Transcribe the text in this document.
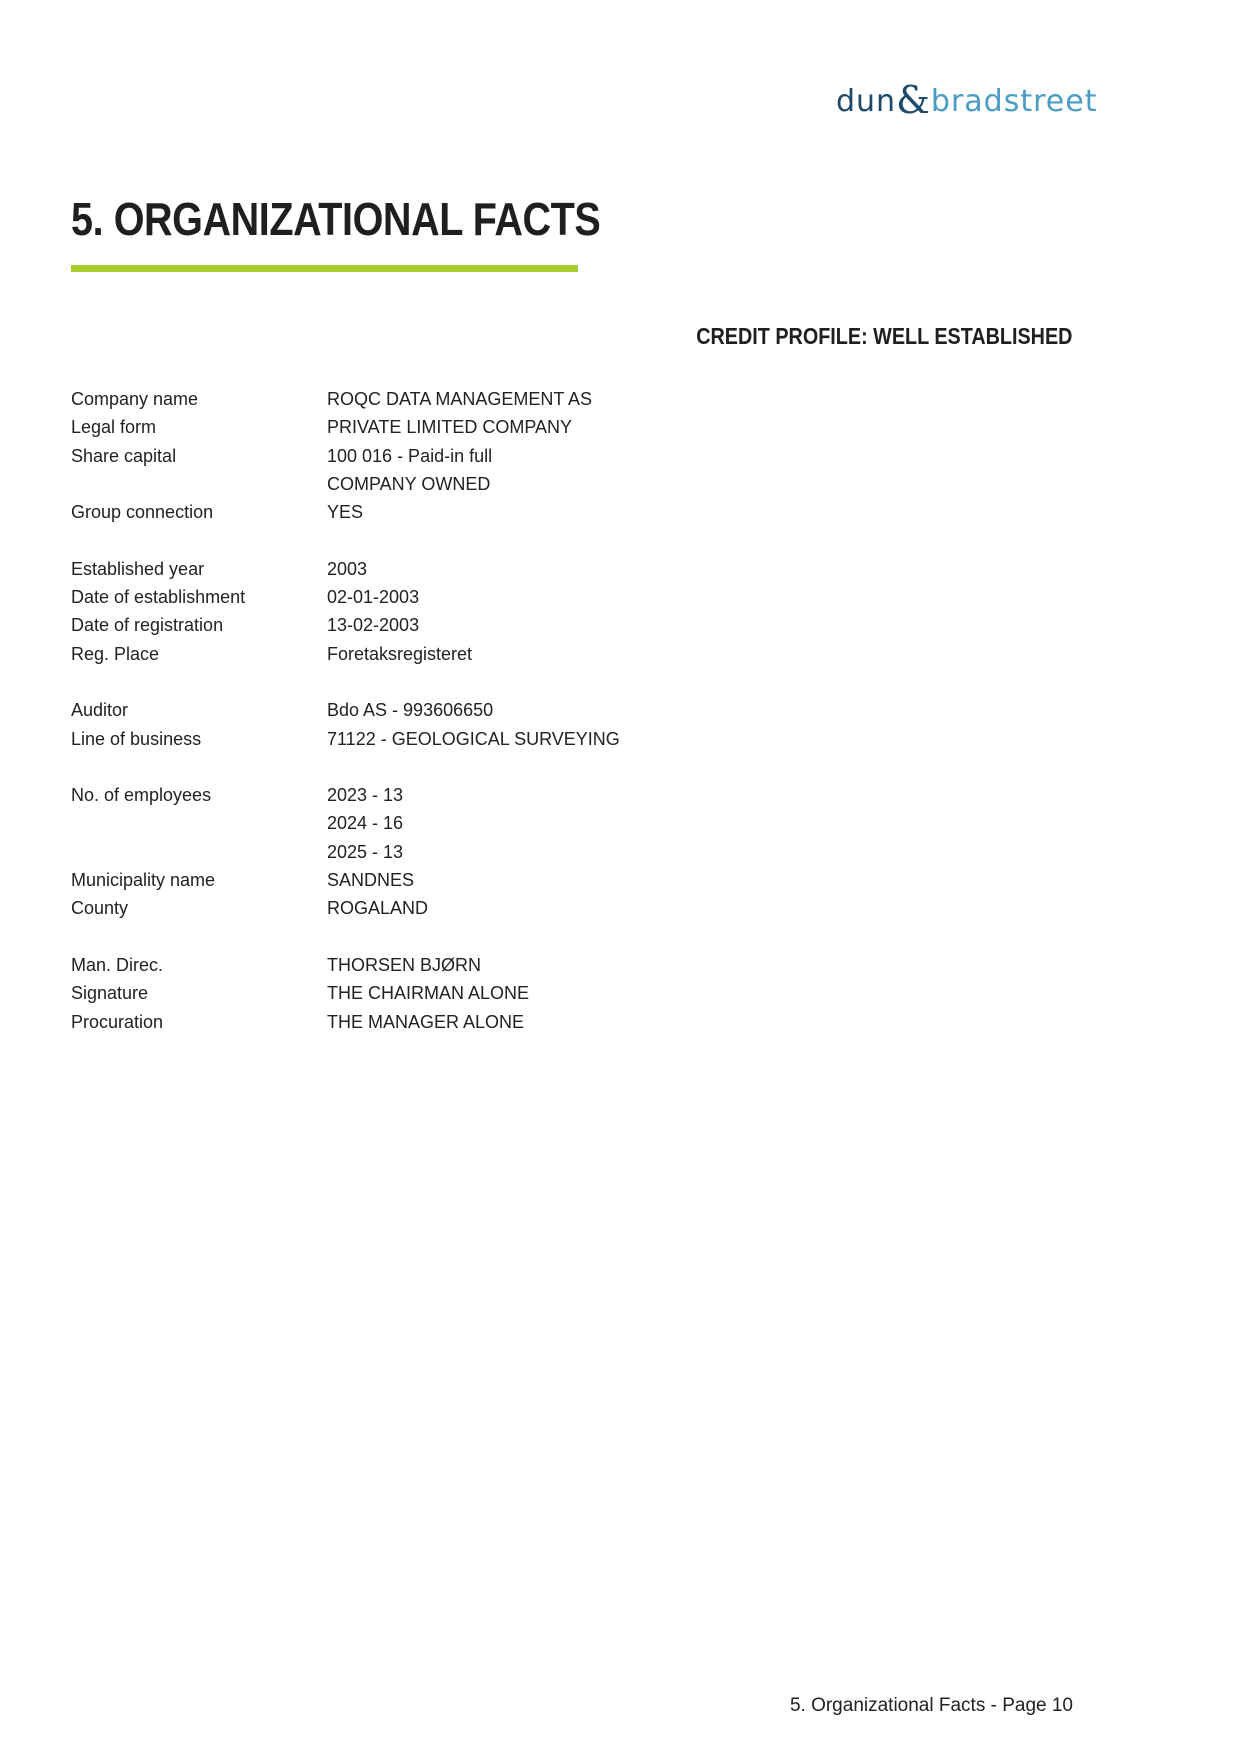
dun&bradstreet
5. ORGANIZATIONAL FACTS
CREDIT PROFILE: WELL ESTABLISHED
Company name	ROQC DATA MANAGEMENT AS
Legal form	PRIVATE LIMITED COMPANY
Share capital	100 016 - Paid-in full
COMPANY OWNED
Group connection	YES
Established year	2003
Date of establishment	02-01-2003
Date of registration	13-02-2003
Reg. Place	Foretaksregisteret
Auditor	Bdo AS - 993606650
Line of business	71122 - GEOLOGICAL SURVEYING
No. of employees	2023 - 13
2024 - 16
2025 - 13
Municipality name	SANDNES
County	ROGALAND
Man. Direc.	THORSEN BJØRN
Signature	THE CHAIRMAN ALONE
Procuration	THE MANAGER ALONE
5. Organizational Facts - Page 10
